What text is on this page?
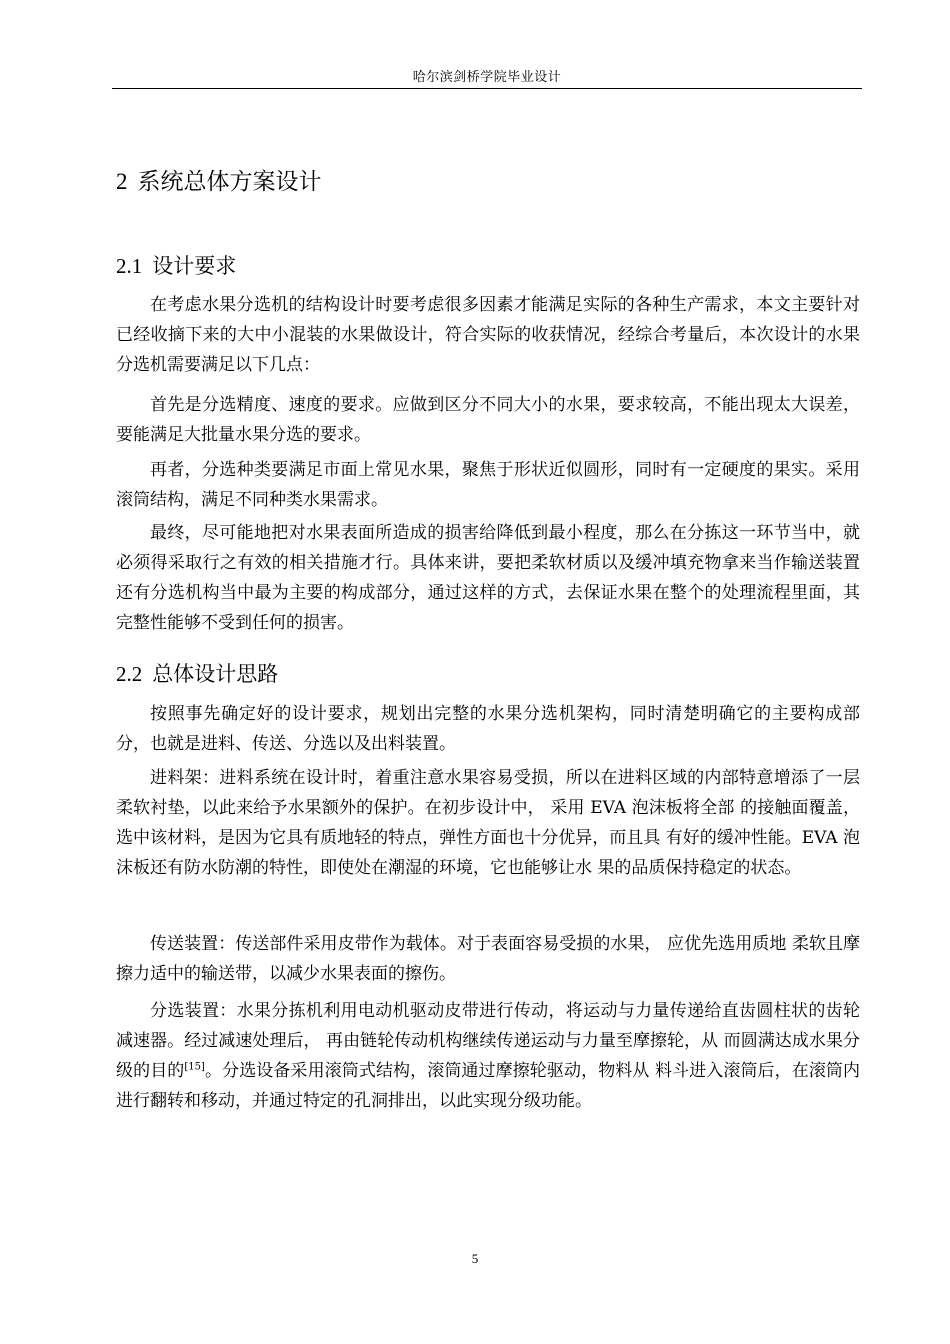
哈尔滨剑桥学院毕业设计
2 系统总体方案设计
2.1 设计要求

在考虑水果分选机的结构设计时要考虑很多因素才能满足实际的各种生产需求，本文主要针对已经收摘下来的大中小混装的水果做设计，符合实际的收获情况，经综合考量后，本次设计的水果分选机需要满足以下几点：

首先是分选精度、速度的要求。应做到区分不同大小的水果，要求较高，不能出现太大误差，要能满足大批量水果分选的要求。

再者，分选种类要满足市面上常见水果，聚焦于形状近似圆形，同时有一定硬度的果实。采用滚筒结构，满足不同种类水果需求。

最终，尽可能地把对水果表面所造成的损害给降低到最小程度，那么在分拣这一环节当中，就必须得采取行之有效的相关措施才行。具体来讲，要把柔软材质以及缓冲填充物拿来当作输送装置还有分选机构当中最为主要的构成部分，通过这样的方式，去保证水果在整个的处理流程里面，其完整性能够不受到任何的损害。

2.2 总体设计思路

按照事先确定好的设计要求，规划出完整的水果分选机架构，同时清楚明确它的主要构成部分，也就是进料、传送、分选以及出料装置。

进料架：进料系统在设计时，着重注意水果容易受损，所以在进料区域的内部特意增添了一层柔软衬垫，以此来给予水果额外的保护。在初步设计中， 采用 EVA 泡沫板将全部 的接触面覆盖，选中该材料，是因为它具有质地轻的特点，弹性方面也十分优异，而且具 有好的缓冲性能。EVA 泡沫板还有防水防潮的特性，即使处在潮湿的环境，它也能够让水 果的品质保持稳定的状态。

传送装置：传送部件采用皮带作为载体。对于表面容易受损的水果， 应优先选用质地 柔软且摩擦力适中的输送带，以减少水果表面的擦伤。

分选装置：水果分拣机利用电动机驱动皮带进行传动，将运动与力量传递给直齿圆柱状的齿轮减速器。经过减速处理后， 再由链轮传动机构继续传递运动与力量至摩擦轮，从 而圆满达成水果分级的目的[15]。分选设备采用滚筒式结构，滚筒通过摩擦轮驱动，物料从 料斗进入滚筒后，在滚筒内进行翻转和移动，并通过特定的孔洞排出，以此实现分级功能。

5
